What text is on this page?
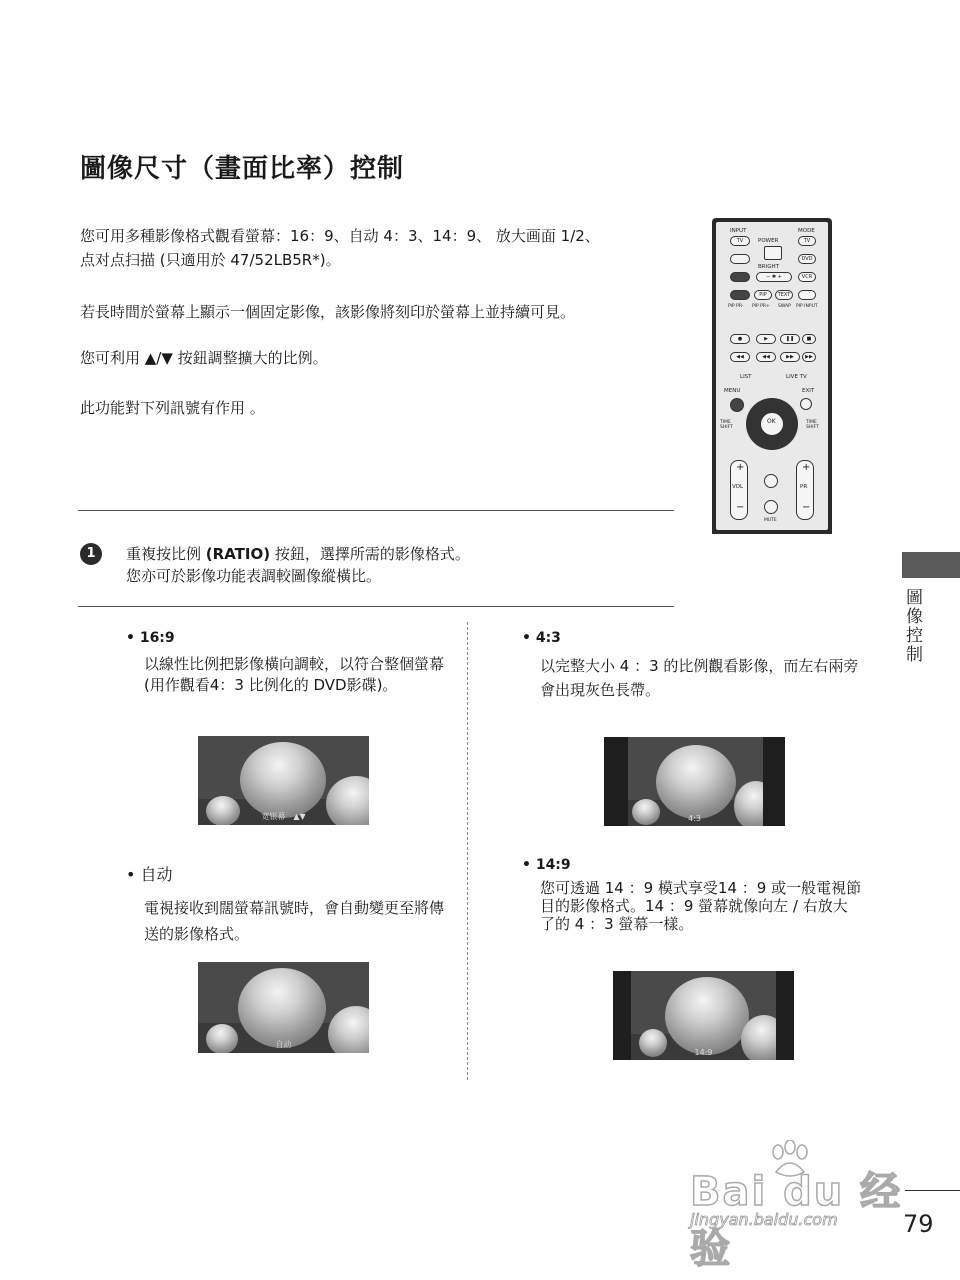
圖像尺寸（畫面比率）控制

您可用多種影像格式觀看螢幕：16：9、自动 4：3、14：9、 放大画面 1/2、
点对点扫描 (只適用於 47/52LB5R*)。

若長時間於螢幕上顯示一個固定影像，該影像將刻印於螢幕上並持續可見。

您可利用 ▲/▼ 按鈕調整擴大的比例。

此功能對下列訊號有作用 。

INPUT	MODE
TV	POWER	TV
DVD
BRIGHT
− ✱ +	VCR
PIP	TEXT
PIP PR- PIP PR+ SWAP PIP INPUT
●	▶	❚❚	■
◀◀	◀◀	▶▶	▶▶
LIST	LIVE TV
MENU	EXIT
OK
TIME SHIFT
TIME SHIFT
+
VOL
−
+
PR
−
MUTE
1	重複按比例 (RATIO) 按鈕，選擇所需的影像格式。
您亦可於影像功能表調較圖像縱橫比。
• 16:9
以線性比例把影像橫向調較，以符合整個螢幕 (用作觀看4：3 比例化的 DVD影碟)。
宽银幕　▲▼
• 4:3
以完整大小 4 ：3 的比例觀看影像，而左右兩旁會出現灰色長帶。
4:3
• 自动
電視接收到闊螢幕訊號時，會自動變更至將傳送的影像格式。
自动
• 14:9
您可透過 14 ：9 模式享受14 ：9 或一般電視節目的影像格式。14 ：9 螢幕就像向左 / 右放大了的 4 ：3 螢幕一樣。
14:9
圖像控制
Bai du 经验
jingyan.baidu.com	79
